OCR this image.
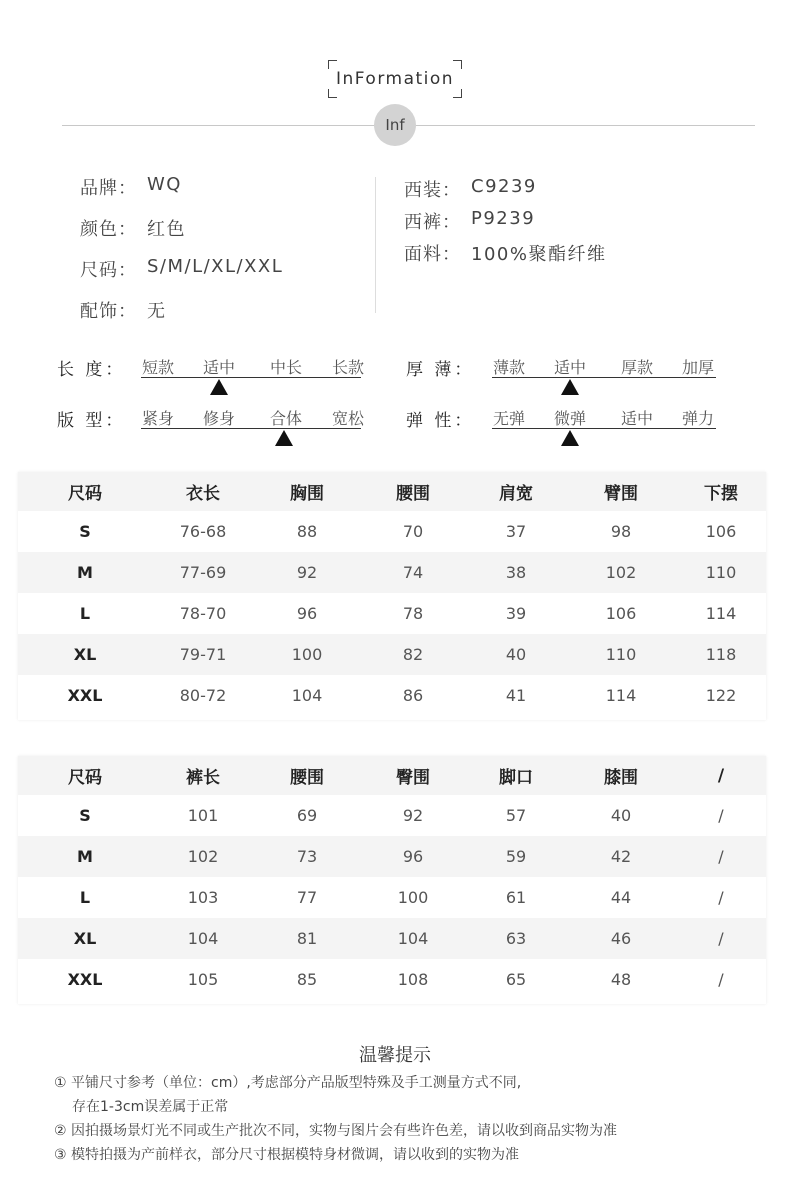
InFormation
Inf
品牌： WQ
颜色： 红色
尺码： S/M/L/XL/XXL
配饰： 无
西装： C9239
西裤： P9239
面料： 100%聚酯纤维
长 度：	短款	适中	中长	长款	厚 薄：	薄款	适中	厚款	加厚
版 型：	紧身	修身	合体	宽松	弹 性：	无弹	微弹	适中	弹力
尺码	衣长	胸围	腰围	肩宽	臂围	下摆
S	76-68	88	70	37	98	106
M	77-69	92	74	38	102	110
L	78-70	96	78	39	106	114
XL	79-71	100	82	40	110	118
XXL	80-72	104	86	41	114	122
尺码	裤长	腰围	臀围	脚口	膝围	/
S	101	69	92	57	40	/
M	102	73	96	59	42	/
L	103	77	100	61	44	/
XL	104	81	104	63	46	/
XXL	105	85	108	65	48	/
温馨提示
① 平铺尺寸参考（单位：cm）,考虑部分产品版型特殊及手工测量方式不同,
存在1-3cm误差属于正常
② 因拍摄场景灯光不同或生产批次不同，实物与图片会有些许色差，请以收到商品实物为准
③ 模特拍摄为产前样衣，部分尺寸根据模特身材微调，请以收到的实物为准
